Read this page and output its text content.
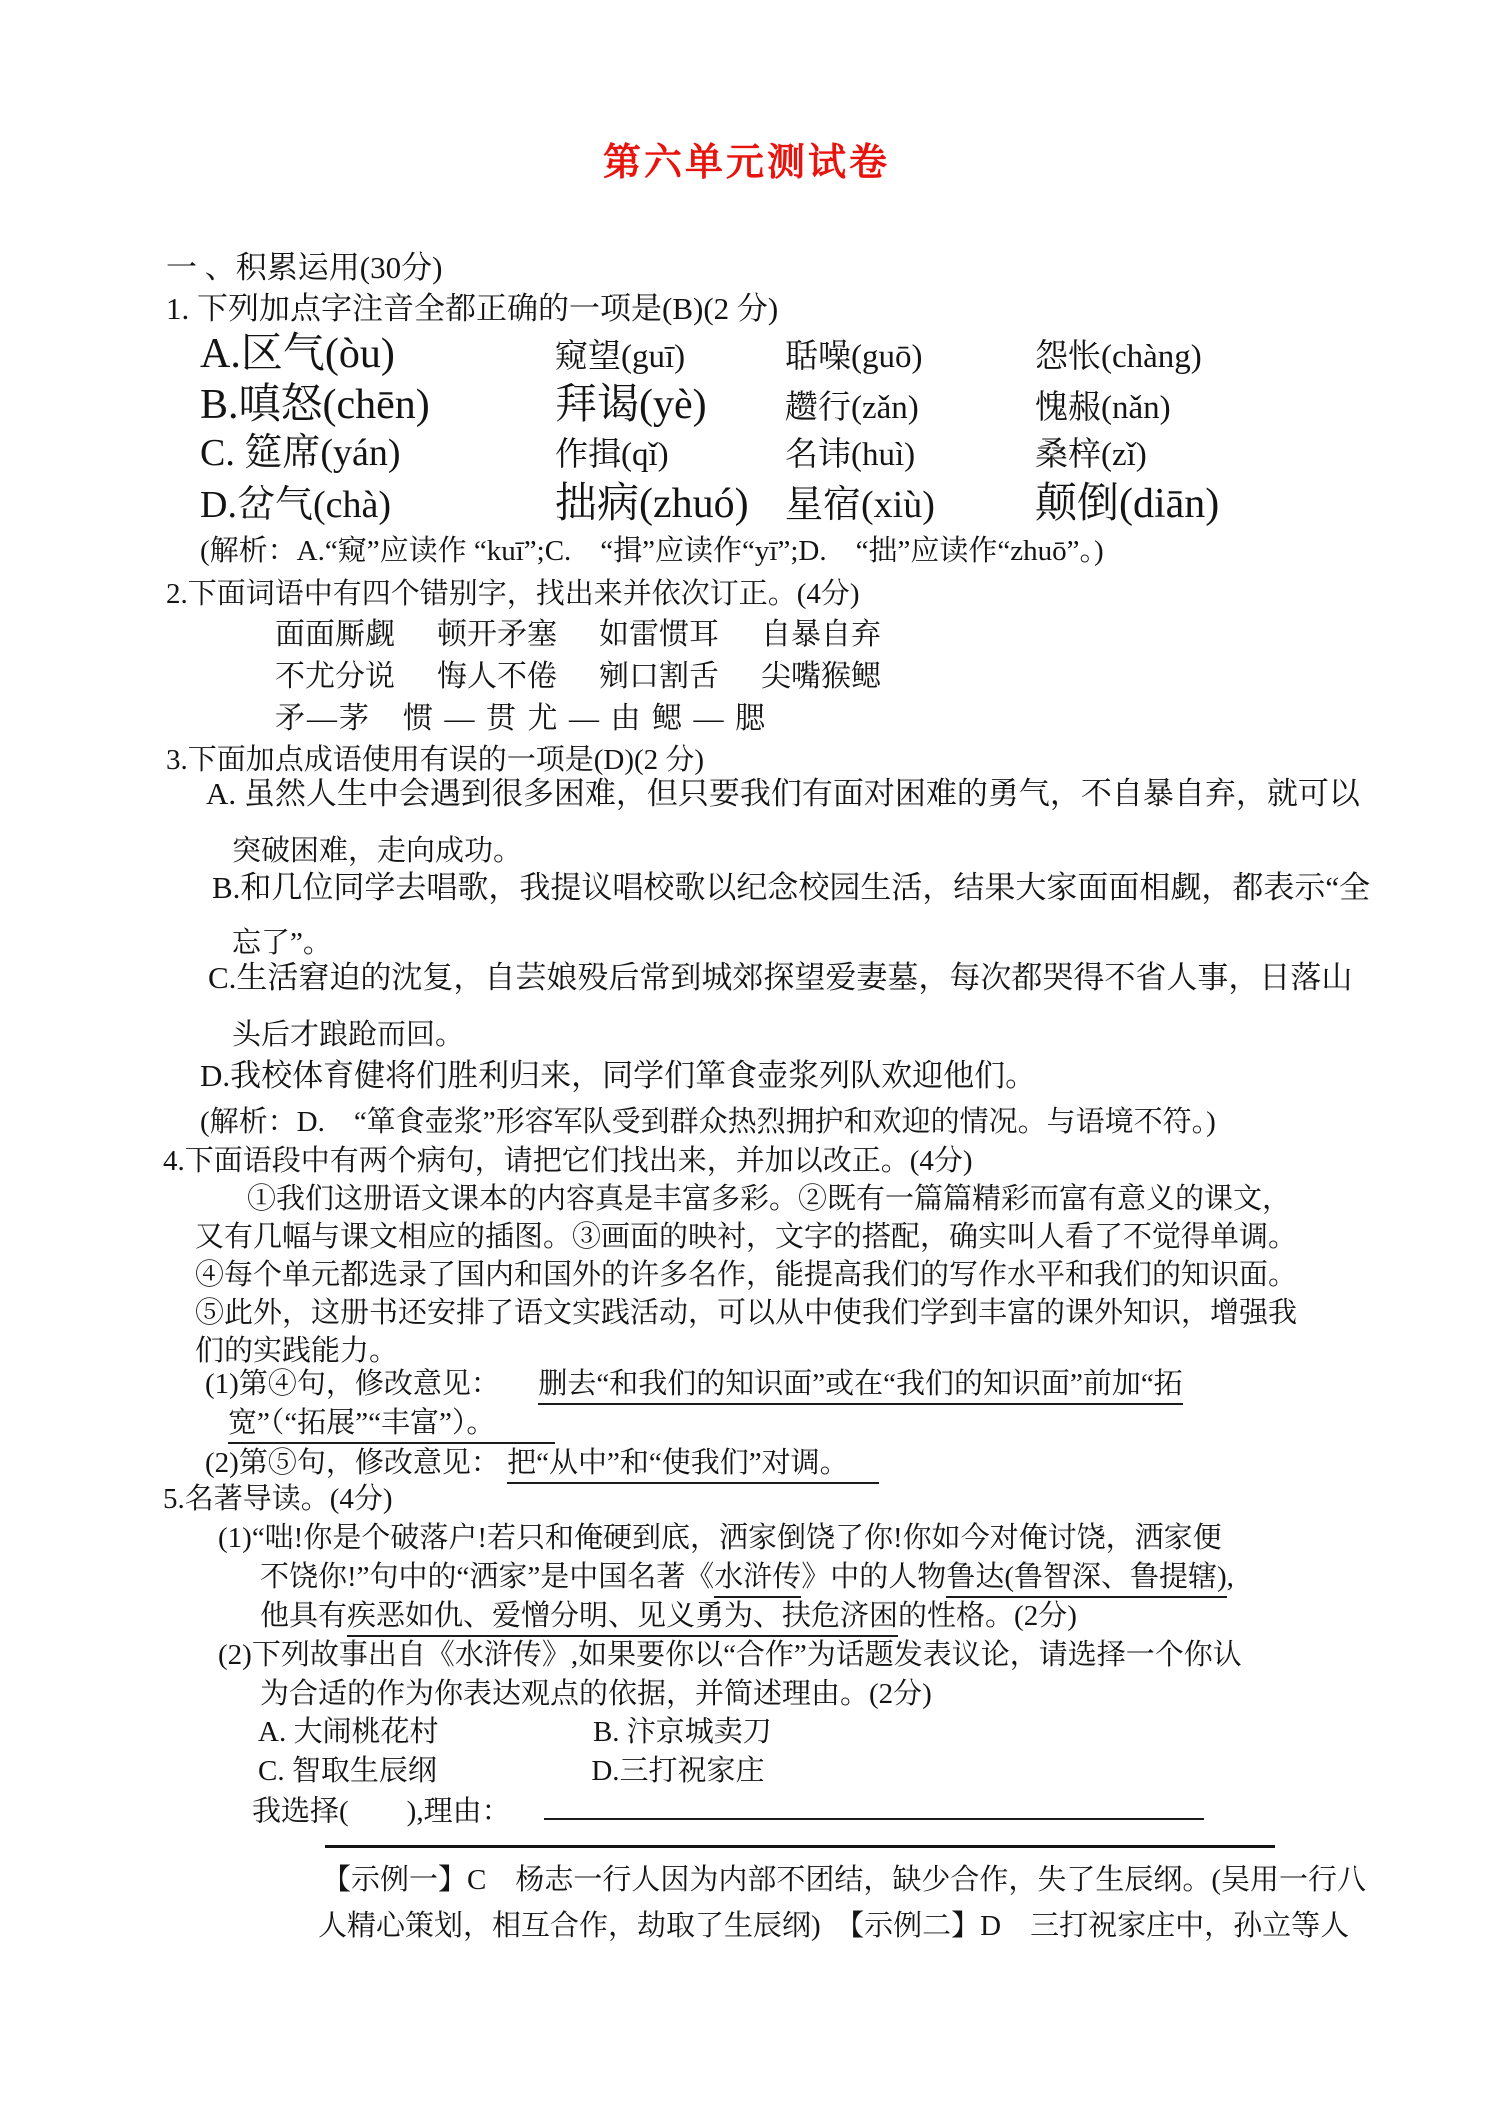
第六单元测试卷
一 、积累运用(30分)
1. 下列加点字注音全都正确的一项是(B)(2 分)
A.区气(òu)	窥望(guī)	聒噪(guō)	怨怅(chàng)
B.嗔怒(chēn)	拜谒(yè)	趱行(zǎn)	愧赧(nǎn)
C. 筵席(yán)	作揖(qǐ)	名讳(huì)	桑梓(zǐ)
D.岔气(chà)	拙病(zhuó) 星宿(xiù)	颠倒(diān)
(解析：A.“窥”应读作 “kuī”;C.　“揖”应读作“yī”;D.　“拙”应读作“zhuō”。)
2.下面词语中有四个错别字，找出来并依次订正。(4分)
面面厮觑 顿开矛塞 如雷惯耳 自暴自弃
不尤分说 悔人不倦 剜口割舌 尖嘴猴鳃
矛—茅　惯 — 贯 尤 — 由 鳃 — 腮
3.下面加点成语使用有误的一项是(D)(2 分)
A. 虽然人生中会遇到很多困难，但只要我们有面对困难的勇气，不自暴自弃，就可以
突破困难，走向成功。
B.和几位同学去唱歌，我提议唱校歌以纪念校园生活，结果大家面面相觑，都表示“全
忘了”。
C.生活窘迫的沈复，自芸娘殁后常到城郊探望爱妻墓，每次都哭得不省人事，日落山
头后才踉跄而回。
D.我校体育健将们胜利归来，同学们箪食壶浆列队欢迎他们。
(解析：D.　“箪食壶浆”形容军队受到群众热烈拥护和欢迎的情况。与语境不符。)
4.下面语段中有两个病句，请把它们找出来，并加以改正。(4分)
①我们这册语文课本的内容真是丰富多彩。②既有一篇篇精彩而富有意义的课文，
又有几幅与课文相应的插图。③画面的映衬，文字的搭配，确实叫人看了不觉得单调。
④每个单元都选录了国内和国外的许多名作，能提高我们的写作水平和我们的知识面。
⑤此外，这册书还安排了语文实践活动，可以从中使我们学到丰富的课外知识，增强我
们的实践能力。
(1)第④句，修改意见： 删去“和我们的知识面”或在“我们的知识面”前加“拓
宽”（“拓展”“丰富”）。
(2)第⑤句，修改意见： 把“从中”和“使我们”对调。
5.名著导读。(4分)
(1)“咄!你是个破落户!若只和俺硬到底，洒家倒饶了你!你如今对俺讨饶，洒家便
不饶你!”句中的“洒家”是中国名著《水浒传》中的人物鲁达(鲁智深、鲁提辖),
他具有疾恶如仇、爱憎分明、见义勇为、扶危济困的性格。(2分)
(2)下列故事出自《水浒传》,如果要你以“合作”为话题发表议论，请选择一个你认
为合适的作为你表达观点的依据，并简述理由。(2分)
A. 大闹桃花村	B. 汴京城卖刀
C. 智取生辰纲	D.三打祝家庄
我选择(　　),理由：
【示例一】C　杨志一行人因为内部不团结，缺少合作，失了生辰纲。(吴用一行八
人精心策划，相互合作，劫取了生辰纲)　【示例二】D　三打祝家庄中，孙立等人
